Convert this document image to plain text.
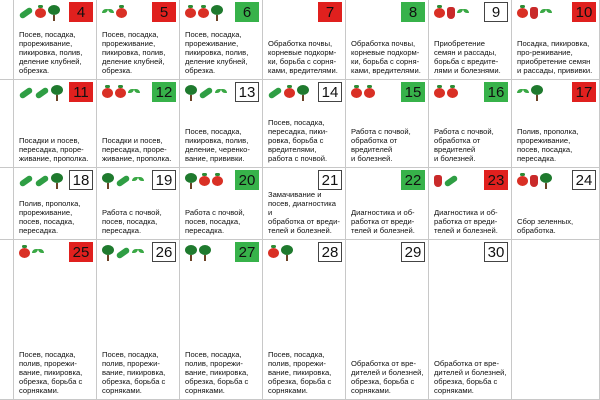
4
Посев, посадка,
прореживание,
пикировка, полив,
деление клубней,
обрезка.
5
Посев, посадка,
прореживание,
пикировка, полив,
деление клубней,
обрезка.
6
Посев, посадка,
прореживание,
пикировка, полив,
деление клубней,
обрезка.
7
Обработка почвы,
корневые подкорм-
ки, борьба с сорня-
ками, вредителями.
8
Обработка почвы,
корневые подкорм-
ки, борьба с сорня-
ками, вредителями.
9
Приобретение
семян и рассады,
борьба с вредите-
лями и болезнями.
10
Посадка, пикировка,
про-реживание,
приобретение семян
и рассады, прививки.
11
Посадки и посев,
пересадка, прорe-
живание, прополка.
12
Посадки и посев,
пересадка, проре-
живание, прополка.
13
Посев, посадка,
пикировка, полив,
деление, черенко-
вание, прививки.
14
Посев, посадка,
пересадка, пики-
ровка, борьба с
вредителями,
работа с почвой.
15
Работа с почвой,
обработка от
вредителей
и болезней.
16
Работа с почвой,
обработка от
вредителей
и болезней.
17
Полив, прополка,
прореживание,
посев, посадка,
пересадка.
18
Полив, прополка,
прореживание,
посев, посадка,
пересадка.
19
Работа с почвой,
посев, посадка,
пересадка.
20
Работа с почвой,
посев, посадка,
пересадка.
21
Замачивание и
посев, диагностика и
обработка от вреди-
телей и болезней.
22
Диагностика и об-
работка от вреди-
телей и болезней.
23
Диагностика и об-
работка от вреди-
телей и болезней.
24
Сбор зеленных,
обработка.
25
Посев, посадка,
полив, прорежи-
вание, пикировка,
обрезка, борьба с
сорняками.
26
Посев, посадка,
полив, прорежи-
вание, пикировка,
обрезка, борьба с
сорняками.
27
Посев, посадка,
полив, прорежи-
вание, пикировка,
обрезка, борьба с
сорняками.
28
Посев, посадка,
полив, прорежи-
вание, пикировка,
обрезка, борьба с
сорняками.
29
Обработка от вре-
дителей и болезней,
обрезка, борьба с
сорняками.
30
Обработка от вре-
дителей и болезней,
обрезка, борьба с
сорняками.
